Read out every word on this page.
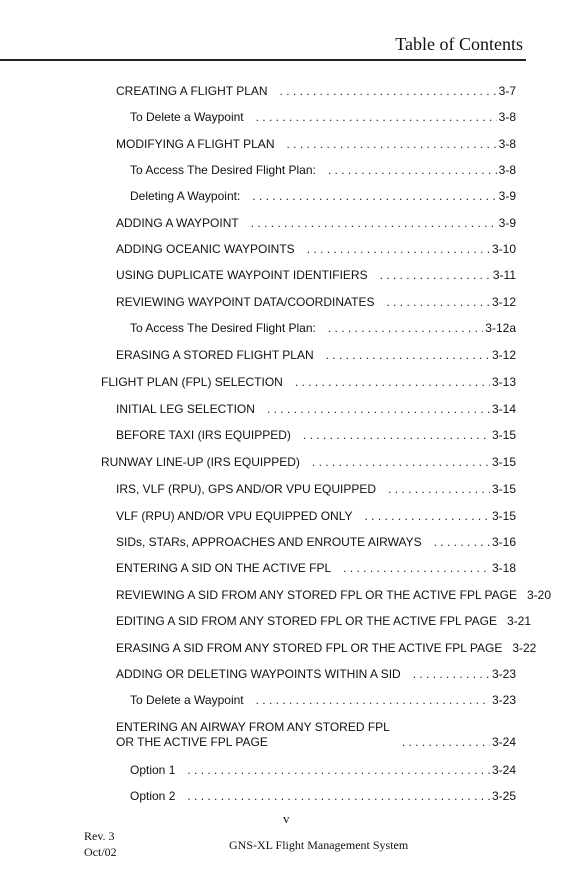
Table of Contents
CREATING A FLIGHT PLAN . . .	3-7
To Delete a Waypoint . . .	3-8
MODIFYING A FLIGHT PLAN . . .	3-8
To Access The Desired Flight Plan: . . .	3-8
Deleting A Waypoint: . . .	3-9
ADDING A WAYPOINT . . .	3-9
ADDING OCEANIC WAYPOINTS . . .	3-10
USING DUPLICATE WAYPOINT IDENTIFIERS . . .	3-11
REVIEWING WAYPOINT DATA/COORDINATES . . .	3-12
To Access The Desired Flight Plan: . . .	3-12a
ERASING A STORED FLIGHT PLAN . . .	3-12
FLIGHT PLAN (FPL) SELECTION . . .	3-13
INITIAL LEG SELECTION . . .	3-14
BEFORE TAXI (IRS EQUIPPED) . . .	3-15
RUNWAY LINE-UP (IRS EQUIPPED) . . .	3-15
IRS, VLF (RPU), GPS AND/OR VPU EQUIPPED . . .	3-15
VLF (RPU) AND/OR VPU EQUIPPED ONLY . . .	3-15
SIDs, STARs, APPROACHES AND ENROUTE AIRWAYS . . .	3-16
ENTERING A SID ON THE ACTIVE FPL . . .	3-18
REVIEWING A SID FROM ANY STORED FPL OR THE ACTIVE FPL PAGE 3-20
EDITING A SID FROM ANY STORED FPL OR THE ACTIVE FPL PAGE 3-21
ERASING A SID FROM ANY STORED FPL OR THE ACTIVE FPL PAGE 3-22
ADDING OR DELETING WAYPOINTS WITHIN A SID . . .	3-23
To Delete a Waypoint . . .	3-23
ENTERING AN AIRWAY FROM ANY STORED FPL
OR THE ACTIVE FPL PAGE . . .	3-24
Option 1 . . .	3-24
Option 2 . . .	3-25
v
Rev. 3
Oct/02	GNS-XL Flight Management System
